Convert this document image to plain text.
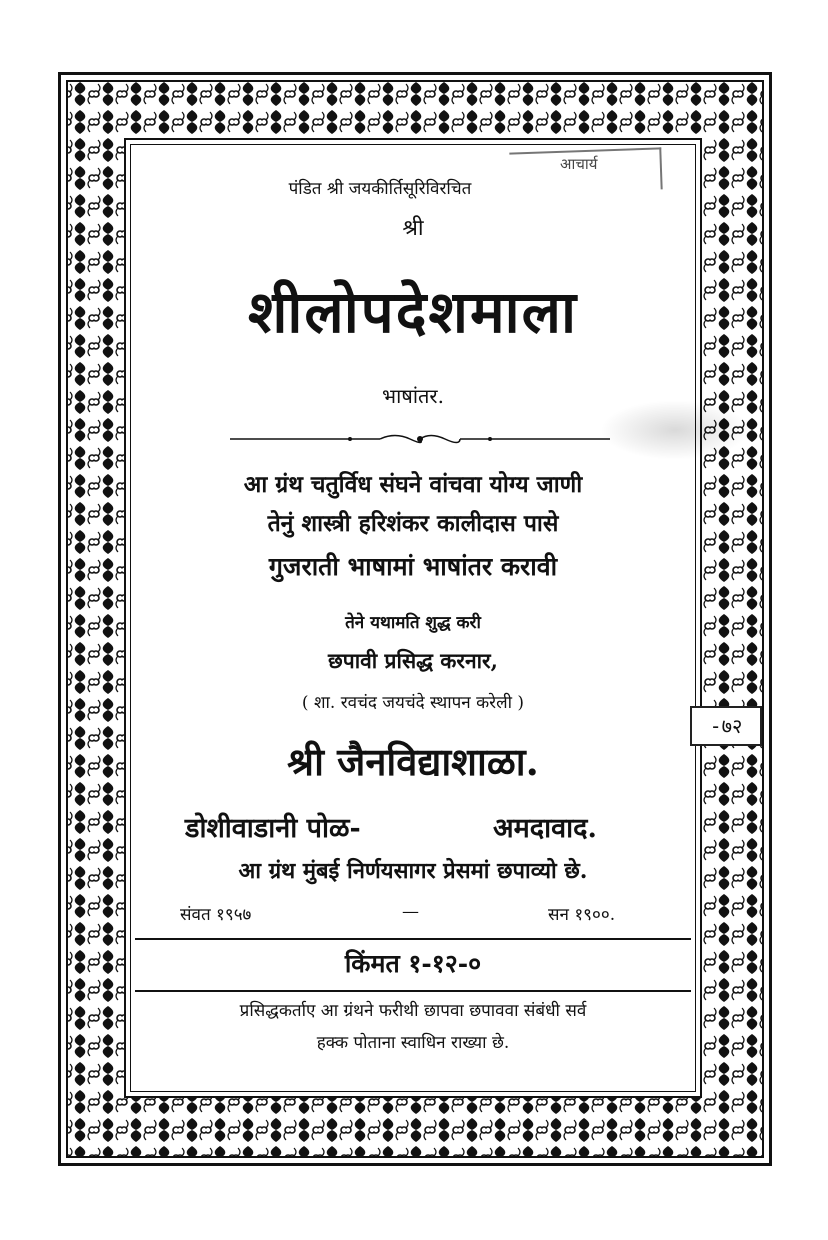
आचार्य
पंडित श्री जयकीर्तिसूरिविरचित
श्री
शीलोपदेशमाला
भाषांतर.
आ ग्रंथ चतुर्विध संघने वांचवा योग्य जाणी
तेनुं शास्त्री हरिशंकर कालीदास पासे
गुजराती भाषामां भाषांतर करावी
तेने यथामति शुद्ध करी
छपावी प्रसिद्ध करनार,
( शा. रवचंद जयचंदे स्थापन करेली )
-७२
श्री जैनविद्याशाळा.
डोशीवाडानी पोळ-	अमदावाद.
आ ग्रंथ मुंबई निर्णयसागर प्रेसमां छपाव्यो छे.
संवत १९५७	—	सन १९००.
किंमत १-१२-०
प्रसिद्धकर्ताए आ ग्रंथने फरीथी छापवा छपाववा संबंधी सर्व
हक्क पोताना स्वाधिन राख्या छे.
